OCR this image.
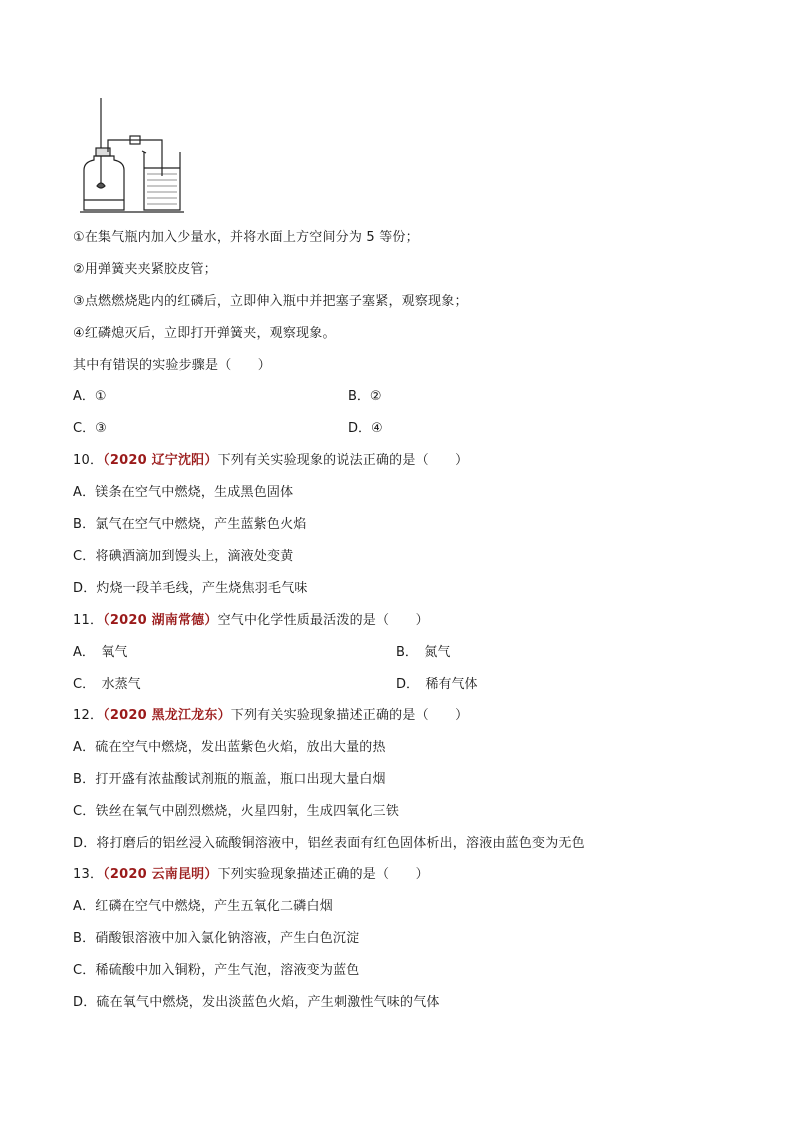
①在集气瓶内加入少量水，并将水面上方空间分为 5 等份；
②用弹簧夹夹紧胶皮管；
③点燃燃烧匙内的红磷后，立即伸入瓶中并把塞子塞紧，观察现象；
④红磷熄灭后，立即打开弹簧夹，观察现象。
其中有错误的实验步骤是（　　）
A．①	B．②
C．③	D．④
10．（2020 辽宁沈阳）下列有关实验现象的说法正确的是（　　）
A．镁条在空气中燃烧，生成黑色固体
B．氯气在空气中燃烧，产生蓝紫色火焰
C．将碘酒滴加到馒头上，滴液处变黄
D．灼烧一段羊毛线，产生烧焦羽毛气味
11．（2020 湖南常德）空气中化学性质最活泼的是（　　）
A．　氧气	B．　氮气
C．　水蒸气	D．　稀有气体
12．（2020 黑龙江龙东）下列有关实验现象描述正确的是（　　）
A．硫在空气中燃烧，发出蓝紫色火焰，放出大量的热
B．打开盛有浓盐酸试剂瓶的瓶盖，瓶口出现大量白烟
C．铁丝在氧气中剧烈燃烧，火星四射，生成四氧化三铁
D．将打磨后的铝丝浸入硫酸铜溶液中，铝丝表面有红色固体析出，溶液由蓝色变为无色
13．（2020 云南昆明）下列实验现象描述正确的是（　　）
A．红磷在空气中燃烧，产生五氧化二磷白烟
B．硝酸银溶液中加入氯化钠溶液，产生白色沉淀
C．稀硫酸中加入铜粉，产生气泡，溶液变为蓝色
D．硫在氧气中燃烧，发出淡蓝色火焰，产生刺激性气味的气体
